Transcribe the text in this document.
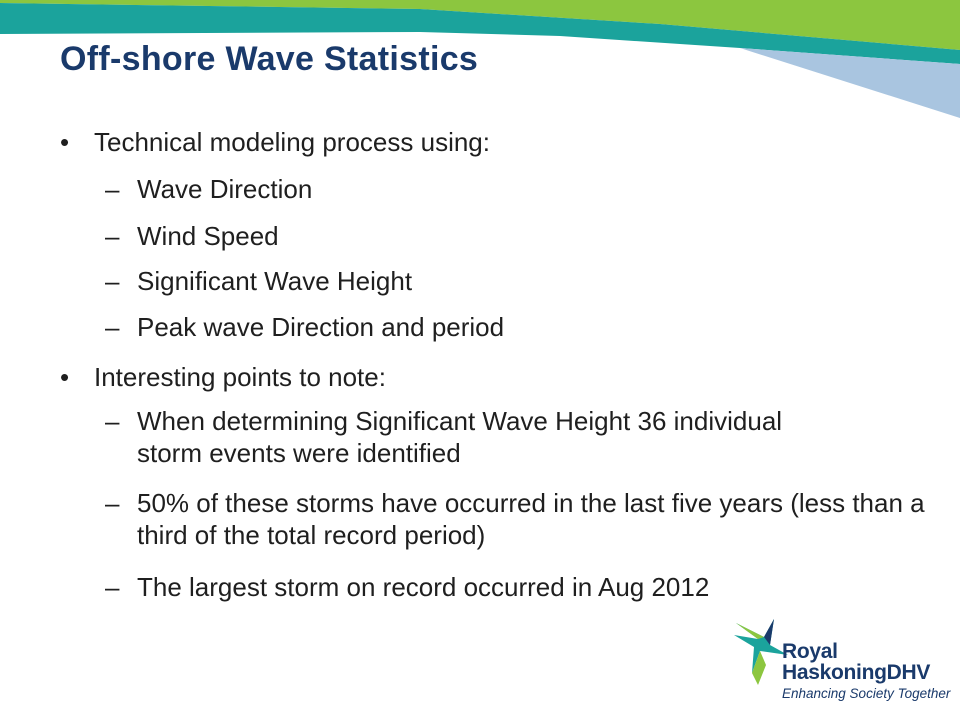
Off-shore Wave Statistics
• Technical modeling process using:
– Wave Direction
– Wind Speed
– Significant Wave Height
– Peak wave Direction and period
• Interesting points to note:
– When determining Significant Wave Height 36 individual storm events were identified
– 50% of these storms have occurred in the last five years (less than a third of the total record period)
– The largest storm on record occurred in Aug 2012
Royal
HaskoningDHV
Enhancing Society Together
